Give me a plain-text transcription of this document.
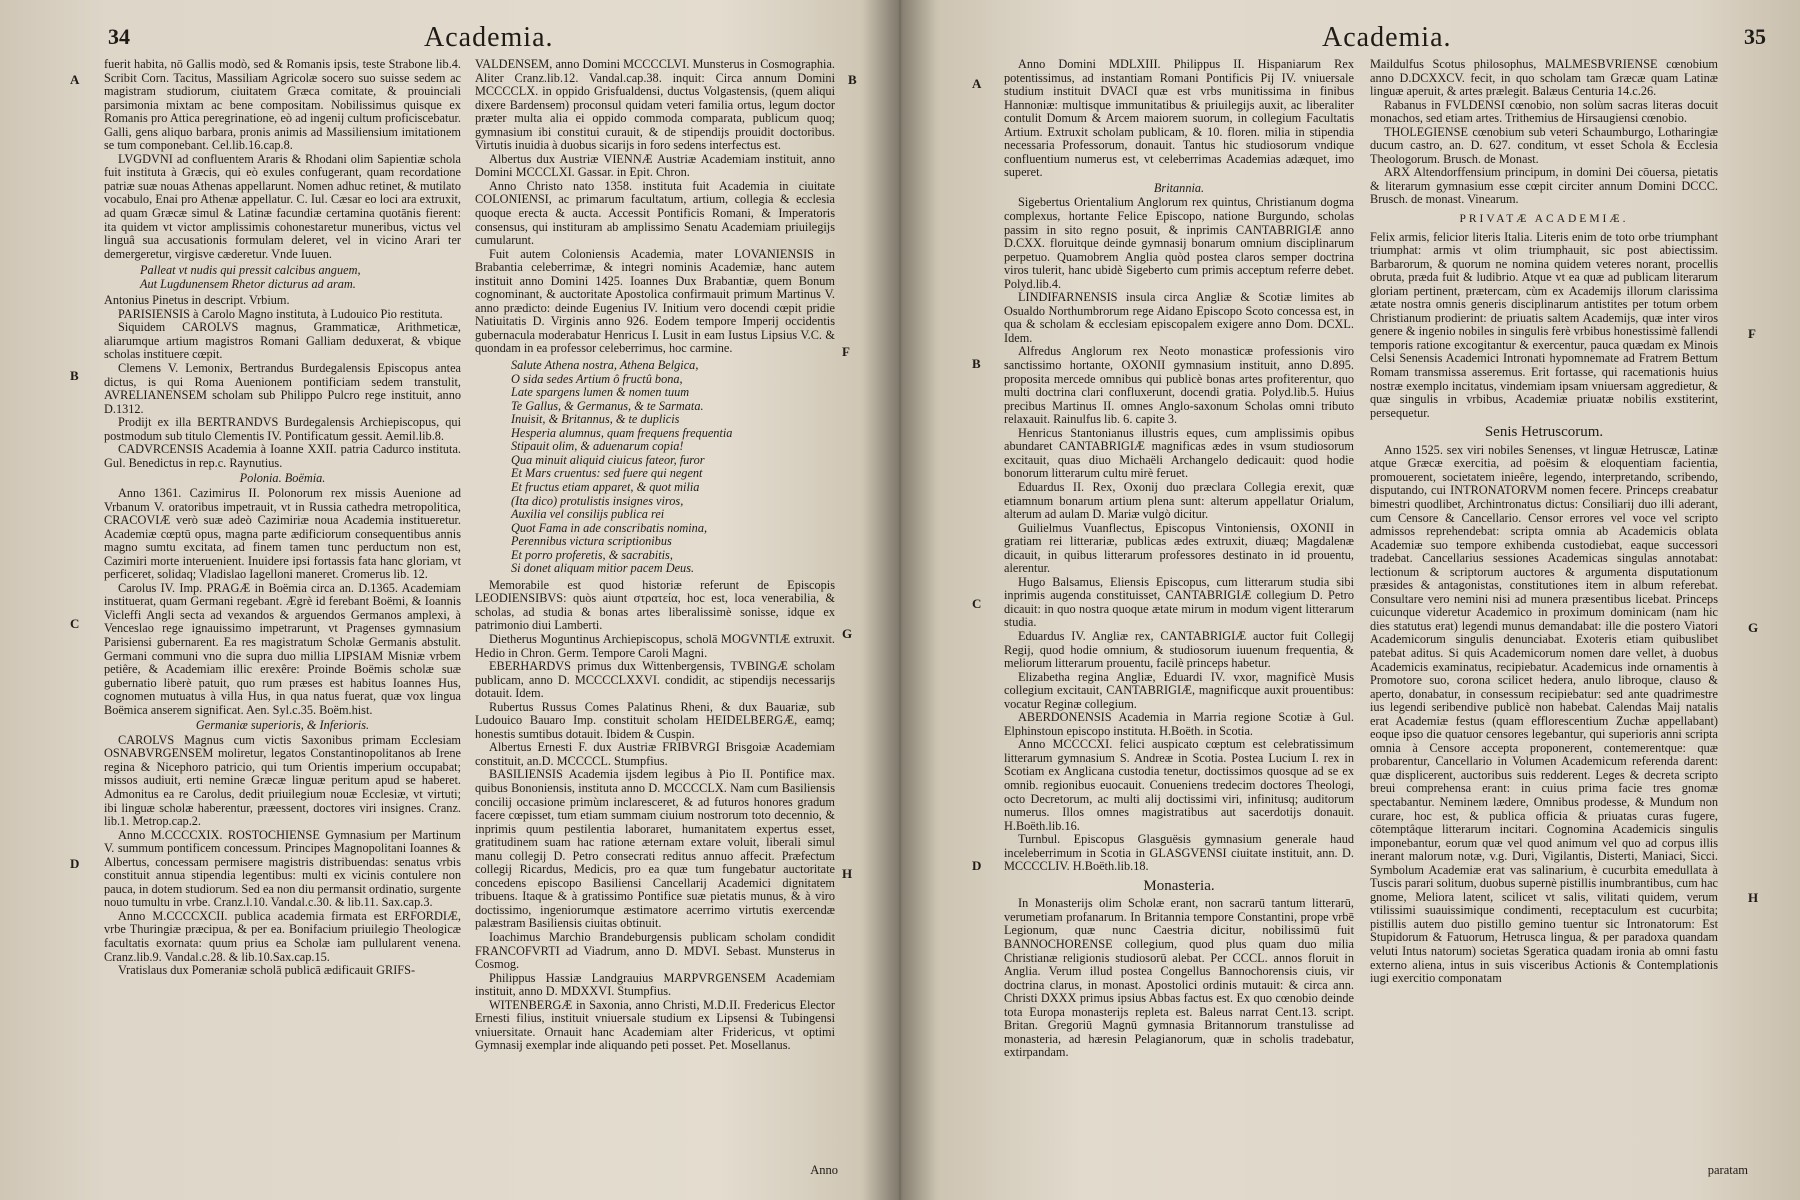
34	Academia.
A
B
C
D
B
F
G
H

fuerit habita, nō Gallis modò, sed & Romanis ipsis, teste Strabone lib.4. Scribit Corn. Tacitus, Massiliam Agricolæ socero suo suisse sedem ac magistram studiorum, ciuitatem Græca comitate, & prouinciali parsimonia mixtam ac bene compositam. Nobilissimus quisque ex Romanis pro Attica peregrinatione, eò ad ingenij cultum proficiscebatur. Galli, gens aliquo barbara, pronis animis ad Massiliensium imitationem se tum componebant. Cel.lib.16.cap.8.

LVGDVNI ad confluentem Araris & Rhodani olim Sapientiæ schola fuit instituta à Græcis, qui eò exules confugerant, quam recordatione patriæ suæ nouas Athenas appellarunt. Nomen adhuc retinet, & mutilato vocabulo, Enai pro Athenæ appellatur. C. Iul. Cæsar eo loci ara extruxit, ad quam Græcæ simul & Latinæ facundiæ certamina quotānis fierent: ita quidem vt victor amplissimis cohonestaretur muneribus, victus vel linguâ sua accusationis formulam deleret, vel in vicino Arari ter demergeretur, virgisve cæderetur. Vnde Iuuen.

Palleat vt nudis qui pressit calcibus anguem,
Aut Lugdunensem Rhetor dicturus ad aram.

Antonius Pinetus in descript. Vrbium.

PARISIENSIS à Carolo Magno instituta, à Ludouico Pio restituta.

Siquidem CAROLVS magnus, Grammaticæ, Arithmeticæ, aliarumque artium magistros Romani Galliam deduxerat, & vbique scholas instituere cœpit.

Clemens V. Lemonix, Bertrandus Burdegalensis Episcopus antea dictus, is qui Roma Auenionem pontificiam sedem transtulit, AVRELIANENSEM scholam sub Philippo Pulcro rege instituit, anno D.1312.

Prodijt ex illa BERTRANDVS Burdegalensis Archiepiscopus, qui postmodum sub titulo Clementis IV. Pontificatum gessit. Aemil.lib.8.

CADVRCENSIS Academia à Ioanne XXII. patria Cadurco instituta. Gul. Benedictus in rep.c. Raynutius.

Polonia. Boëmia.

Anno 1361. Cazimirus II. Polonorum rex missis Auenione ad Vrbanum V. oratoribus impetrauit, vt in Russia cathedra metropolitica, CRACOVIÆ verò suæ adeò Cazimiriæ noua Academia institueretur. Academiæ cœptū opus, magna parte ædificiorum consequentibus annis magno sumtu excitata, ad finem tamen tunc perductum non est, Cazimiri morte interuenient. Inuidere ipsi fortassis fata hanc gloriam, vt perficeret, solidaq; Vladislao Iagelloni maneret. Cromerus lib. 12.

Carolus IV. Imp. PRAGÆ in Boëmia circa an. D.1365. Academiam instituerat, quam Germani regebant. Ægrè id ferebant Boëmi, & Ioannis Vicleffi Angli secta ad vexandos & arguendos Germanos amplexi, à Venceslao rege ignauissimo impetrarunt, vt Pragenses gymnasium Parisiensi gubernarent. Ea res magistratum Scholæ Germanis abstulit. Germani communi vno die supra duo millia LIPSIAM Misniæ vrbem petiêre, & Academiam illic erexêre: Proinde Boëmis scholæ suæ gubernatio liberè patuit, quo rum præses est habitus Ioannes Hus, cognomen mutuatus à villa Hus, in qua natus fuerat, quæ vox lingua Boëmica anserem significat. Aen. Syl.c.35. Boëm.hist.

Germaniæ superioris, & Inferioris.

CAROLVS Magnus cum victis Saxonibus primam Ecclesiam OSNABVRGENSEM moliretur, legatos Constantinopolitanos ab Irene regina & Nicephoro patricio, qui tum Orientis imperium occupabat; missos audiuit, erti nemine Græcæ linguæ peritum apud se haberet. Admonitus ea re Carolus, dedit priuilegium nouæ Ecclesiæ, vt virtuti; ibi linguæ scholæ haberentur, præessent, doctores viri insignes. Cranz. lib.1. Metrop.cap.2.

Anno M.CCCCXIX. ROSTOCHIENSE Gymnasium per Martinum V. summum pontificem concessum. Principes Magnopolitani Ioannes & Albertus, concessam permisere magistris distribuendas: senatus vrbis constituit annua stipendia legentibus: multi ex vicinis contulere non pauca, in dotem studiorum. Sed ea non diu permansit ordinatio, surgente nouo tumultu in vrbe. Cranz.l.10. Vandal.c.30. & lib.11. Sax.cap.3.

Anno M.CCCCXCII. publica academia firmata est ERFORDIÆ, vrbe Thuringiæ præcipua, & per ea. Bonifacium priuilegio Theologicæ facultatis exornata: quum prius ea Scholæ iam pullularent venena. Cranz.lib.9. Vandal.c.28. & lib.10.Sax.cap.15.

Vratislaus dux Pomeraniæ scholā publicā ædificauit GRIFS-

VALDENSEM, anno Domini MCCCCLVI. Munsterus in Cosmographia. Aliter Cranz.lib.12. Vandal.cap.38. inquit: Circa annum Domini MCCCCLX. in oppido Grisfualdensi, ductus Volgastensis, (quem aliqui dixere Bardensem) proconsul quidam veteri familia ortus, legum doctor præter multa alia ei oppido commoda comparata, publicum quoq; gymnasium ibi constitui curauit, & de stipendijs prouidit doctoribus. Virtutis inuidia à duobus sicarijs in foro sedens interfectus est.

Albertus dux Austriæ VIENNÆ Austriæ Academiam instituit, anno Domini MCCCLXI. Gassar. in Epit. Chron.

Anno Christo nato 1358. instituta fuit Academia in ciuitate COLONIENSI, ac primarum facultatum, artium, collegia & ecclesia quoque erecta & aucta. Accessit Pontificis Romani, & Imperatoris consensus, qui instituram ab amplissimo Senatu Academiam priuilegijs cumularunt.

Fuit autem Coloniensis Academia, mater LOVANIENSIS in Brabantia celeberrimæ, & integri nominis Academiæ, hanc autem instituit anno Domini 1425. Ioannes Dux Brabantiæ, quem Bonum cognominant, & auctoritate Apostolica confirmauit primum Martinus V. anno prædicto: deinde Eugenius IV. Initium vero docendi cœpit pridie Natiuitatis D. Virginis anno 926. Eodem tempore Imperij occidentis gubernacula moderabatur Henricus I. Lusit in eam Iustus Lipsius V.C. & quondam in ea professor celeberrimus, hoc carmine.

Salute Athena nostra, Athena Belgica,
O sida sedes Artium ô fructû bona,
Late spargens lumen & nomen tuum
Te Gallus, & Germanus, & te Sarmata.
Inuisit, & Britannus, & te duplicis
Hesperia alumnus, quam frequens frequentia
Stipauit olim, & aduenarum copia!
Qua minuit aliquid ciuicus fateor, furor
Et Mars cruentus: sed fuere qui negent
Et fructus etiam apparet, & quot milia
(Ita dico) protulistis insignes viros,
Auxilia vel consilijs publica rei
Quot Fama in ade conscribatis nomina,
Perennibus victura scriptionibus
Et porro proferetis, & sacrabitis,
Si donet aliquam mitior pacem Deus.

Memorabile est quod historiæ referunt de Episcopis LEODIENSIBVS: quòs aiunt στρατεία, hoc est, loca venerabilia, & scholas, ad studia & bonas artes liberalissimè sonisse, idque ex patrimonio diui Lamberti.

Dietherus Moguntinus Archiepiscopus, scholā MOGVNTIÆ extruxit. Hedio in Chron. Germ. Tempore Caroli Magni.

EBERHARDVS primus dux Wittenbergensis, TVBINGÆ scholam publicam, anno D. MCCCCLXXVI. condidit, ac stipendijs necessarijs dotauit. Idem.

Rubertus Russus Comes Palatinus Rheni, & dux Bauariæ, sub Ludouico Bauaro Imp. constituit scholam HEIDELBERGÆ, eamq; honestis sumtibus dotauit. Ibidem & Cuspin.

Albertus Ernesti F. dux Austriæ FRIBVRGI Brisgoiæ Academiam constituit, an.D. MCCCCL. Stumpfius.

BASILIENSIS Academia ijsdem legibus à Pio II. Pontifice max. quibus Bononiensis, instituta anno D. MCCCCLX. Nam cum Basiliensis concilij occasione primùm inclaresceret, & ad futuros honores gradum facere cœpisset, tum etiam summam ciuium nostrorum toto decennio, & inprimis quum pestilentia laboraret, humanitatem expertus esset, gratitudinem suam hac ratione æternam extare voluit, liberali simul manu collegij D. Petro consecrati reditus annuo affecit. Præfectum collegij Ricardus, Medicis, pro ea quæ tum fungebatur auctoritate concedens episcopo Basiliensi Cancellarij Academici dignitatem tribuens. Itaque & à gratissimo Pontifice suæ pietatis munus, & à viro doctissimo, ingeniorumque æstimatore acerrimo virtutis exercendæ palæstram Basiliensis ciuitas obtinuit.

Ioachimus Marchio Brandeburgensis publicam scholam condidit FRANCOFVRTI ad Viadrum, anno D. MDVI. Sebast. Munsterus in Cosmog.

Philippus Hassiæ Landgrauius MARPVRGENSEM Academiam instituit, anno D. MDXXVI. Stumpfius.

WITENBERGÆ in Saxonia, anno Christi, M.D.II. Fredericus Elector Ernesti filius, instituit vniuersale studium ex Lipsensi & Tubingensi vniuersitate. Ornauit hanc Academiam alter Fridericus, vt optimi Gymnasij exemplar inde aliquando peti posset. Pet. Mosellanus.

Anno
Academia.	35
A
B
C
D
F
G
H

Anno Domini MDLXIII. Philippus II. Hispaniarum Rex potentissimus, ad instantiam Romani Pontificis Pij IV. vniuersale studium instituit DVACI quæ est vrbs munitissima in finibus Hannoniæ: multisque immunitatibus & priuilegijs auxit, ac liberaliter contulit Domum & Arcem maiorem suorum, in collegium Facultatis Artium. Extruxit scholam publicam, & 10. floren. milia in stipendia necessaria Professorum, donauit. Tantus hic studiosorum vndique confluentium numerus est, vt celeberrimas Academias adæquet, imo superet.

Britannia.

Sigebertus Orientalium Anglorum rex quintus, Christianum dogma complexus, hortante Felice Episcopo, natione Burgundo, scholas passim in sito regno posuit, & inprimis CANTABRIGIÆ anno D.CXX. floruitque deinde gymnasij bonarum omnium disciplinarum perpetuo. Quamobrem Anglia quòd postea claros semper doctrina viros tulerit, hanc ubidè Sigeberto cum primis acceptum referre debet. Polyd.lib.4.

LINDIFARNENSIS insula circa Angliæ & Scotiæ limites ab Osualdo Northumbrorum rege Aidano Episcopo Scoto concessa est, in qua & scholam & ecclesiam episcopalem exigere anno Dom. DCXL. Idem.

Alfredus Anglorum rex Neoto monasticæ professionis viro sanctissimo hortante, OXONII gymnasium instituit, anno D.895. proposita mercede omnibus qui publicè bonas artes profiterentur, quo multi doctrina clari confluxerunt, docendi gratia. Polyd.lib.5. Huius precibus Martinus II. omnes Anglo-saxonum Scholas omni tributo relaxauit. Rainulfus lib. 6. capite 3.

Henricus Stantonianus illustris eques, cum amplissimis opibus abundaret CANTABRIGIÆ magnificas ædes in vsum studiosorum excitauit, quas diuo Michaëli Archangelo dedicauit: quod hodie bonorum litterarum cultu mirè feruet.

Eduardus II. Rex, Oxonij duo præclara Collegia erexit, quæ etiamnum bonarum artium plena sunt: alterum appellatur Orialum, alterum ad aulam D. Mariæ vulgò dicitur.

Guilielmus Vuanflectus, Episcopus Vintoniensis, OXONII in gratiam rei litterariæ, publicas ædes extruxit, diuæq; Magdalenæ dicauit, in quibus litterarum professores destinato in id prouentu, alerentur.

Hugo Balsamus, Eliensis Episcopus, cum litterarum studia sibi inprimis augenda constituisset, CANTABRIGIÆ collegium D. Petro dicauit: in quo nostra quoque ætate mirum in modum vigent litterarum studia.

Eduardus IV. Angliæ rex, CANTABRIGIÆ auctor fuit Collegij Regij, quod hodie omnium, & studiosorum iuuenum frequentia, & meliorum litterarum prouentu, facilè princeps habetur.

Elizabetha regina Angliæ, Eduardi IV. vxor, magnificè Musis collegium excitauit, CANTABRIGIÆ, magnificque auxit prouentibus: vocatur Reginæ collegium.

ABERDONENSIS Academia in Marria regione Scotiæ à Gul. Elphinstoun episcopo instituta. H.Boëth. in Scotia.

Anno MCCCCXI. felici auspicato cœptum est celebratissimum litterarum gymnasium S. Andreæ in Scotia. Postea Lucium I. rex in Scotiam ex Anglicana custodia tenetur, doctissimos quosque ad se ex omnib. regionibus euocauit. Conueniens tredecim doctores Theologi, octo Decretorum, ac multi alij doctissimi viri, infinitusq; auditorum numerus. Illos omnes magistratibus aut sacerdotijs donauit. H.Boëth.lib.16.

Turnbul. Episcopus Glasguësis gymnasium generale haud inceleberrimum in Scotia in GLASGVENSI ciuitate instituit, ann. D. MCCCCLIV. H.Boëth.lib.18.

Monasteria.

In Monasterijs olim Scholæ erant, non sacrarū tantum litterarū, verumetiam profanarum. In Britannia tempore Constantini, prope vrbē Legionum, quæ nunc Caestria dicitur, nobilissimū fuit BANNOCHORENSE collegium, quod plus quam duo milia Christianæ religionis studiosorū alebat. Per CCCL. annos floruit in Anglia. Verum illud postea Congellus Bannochorensis ciuis, vir doctrina clarus, in monast. Apostolici ordinis mutauit: & circa ann. Christi DXXX primus ipsius Abbas factus est. Ex quo cœnobio deinde tota Europa monasterijs repleta est. Baleus narrat Cent.13. script. Britan. Gregoriū Magnū gymnasia Britannorum transtulisse ad monasteria, ad hæresin Pelagianorum, quæ in scholis tradebatur, extirpandam.

Maildulfus Scotus philosophus, MALMESBVRIENSE cœnobium anno D.DCXXCV. fecit, in quo scholam tam Græcæ quam Latinæ linguæ aperuit, & artes prælegit. Balæus Centuria 14.c.26.

Rabanus in FVLDENSI cœnobio, non solùm sacras literas docuit monachos, sed etiam artes. Trithemius de Hirsaugiensi cœnobio.

THOLEGIENSE cœnobium sub veteri Schaumburgo, Lotharingiæ ducum castro, an. D. 627. conditum, vt esset Schola & Ecclesia Theologorum. Brusch. de Monast.

ARX Altendorffensium principum, in domini Dei cōuersa, pietatis & literarum gymnasium esse cœpit circiter annum Domini DCCC. Brusch. de monast. Vinearum.

PRIVATÆ ACADEMIÆ.

Felix armis, felicior literis Italia. Literis enim de toto orbe triumphant triumphat: armis vt olim triumphauit, sic post abiectissim. Barbarorum, & quorum ne nomina quidem veteres norant, procellis obruta, præda fuit & ludibrio. Atque vt ea quæ ad publicam literarum gloriam pertinent, prætercam, cùm ex Academijs illorum clarissima ætate nostra omnis generis disciplinarum antistites per totum orbem Christianum prodierint: de priuatis saltem Academijs, quæ inter viros genere & ingenio nobiles in singulis ferè vrbibus honestissimè fallendi temporis ratione excogitantur & exercentur, pauca quædam ex Minois Celsi Senensis Academici Intronati hypomnemate ad Fratrem Bettum Romam transmissa asseremus. Erit fortasse, qui racemationis huius nostræ exemplo incitatus, vindemiam ipsam vniuersam aggredietur, & quæ singulis in vrbibus, Academiæ priuatæ nobilis exstiterint, persequetur.

Senis Hetruscorum.

Anno 1525. sex viri nobiles Senenses, vt linguæ Hetruscæ, Latinæ atque Græcæ exercitia, ad poësim & eloquentiam facientia, promouerent, societatem inieêre, legendo, interpretando, scribendo, disputando, cui INTRONATORVM nomen fecere. Princeps creabatur bimestri quodlibet, Archintronatus dictus: Consiliarij duo illi aderant, cum Censore & Cancellario. Censor errores vel voce vel scripto admissos reprehendebat: scripta omnia ab Academicis oblata Academiæ suo tempore exhibenda custodiebat, eaque successori tradebat. Cancellarius sessiones Academicas singulas annotabat: lectionum & scriptorum auctores & argumenta disputationum præsides & antagonistas, constitutiones item in album referebat. Consultare vero nemini nisi ad munera præsentibus licebat. Princeps cuicunque videretur Academico in proximum dominicam (nam hic dies statutus erat) legendi munus demandabat: ille die postero Viatori Academicorum singulis denunciabat. Exoteris etiam quibuslibet patebat aditus. Si quis Academicorum nomen dare vellet, à duobus Academicis examinatus, recipiebatur. Academicus inde ornamentis à Promotore suo, corona scilicet hedera, anulo libroque, clauso & aperto, donabatur, in consessum recipiebatur: sed ante quadrimestre ius legendi seribendive publicè non habebat. Calendas Maij natalis erat Academiæ festus (quam efflorescentium Zuchæ appellabant) eoque ipso die quatuor censores legebantur, qui superioris anni scripta omnia à Censore accepta proponerent, contemerentque: quæ probarentur, Cancellario in Volumen Academicum referenda darent: quæ displicerent, auctoribus suis redderent. Leges & decreta scripto breui comprehensa erant: in cuius prima facie tres gnomæ spectabantur. Neminem lædere, Omnibus prodesse, & Mundum non curare, hoc est, & publica officia & priuatas curas fugere, cōtemptâque litterarum incitari. Cognomina Academicis singulis imponebantur, eorum quæ vel quod animum vel quo ad corpus illis inerant malorum notæ, v.g. Duri, Vigilantis, Disterti, Maniaci, Sicci. Symbolum Academiæ erat vas salinarium, è cucurbita emedullata à Tuscis parari solitum, duobus supernè pistillis inumbrantibus, cum hac gnome, Meliora latent, scilicet vt salis, vilitati quidem, verum vtilissimi suauissimique condimenti, receptaculum est cucurbita; pistillis autem duo pistillo gemino tuentur sic Intronatorum: Est Stupidorum & Fatuorum, Hetrusca lingua, & per paradoxa quandam veluti Intus natorum) societas Sgeratica quadam ironia ab omni fastu externo aliena, intus in suis visceribus Actionis & Contemplationis iugi exercitio componatam

paratam
